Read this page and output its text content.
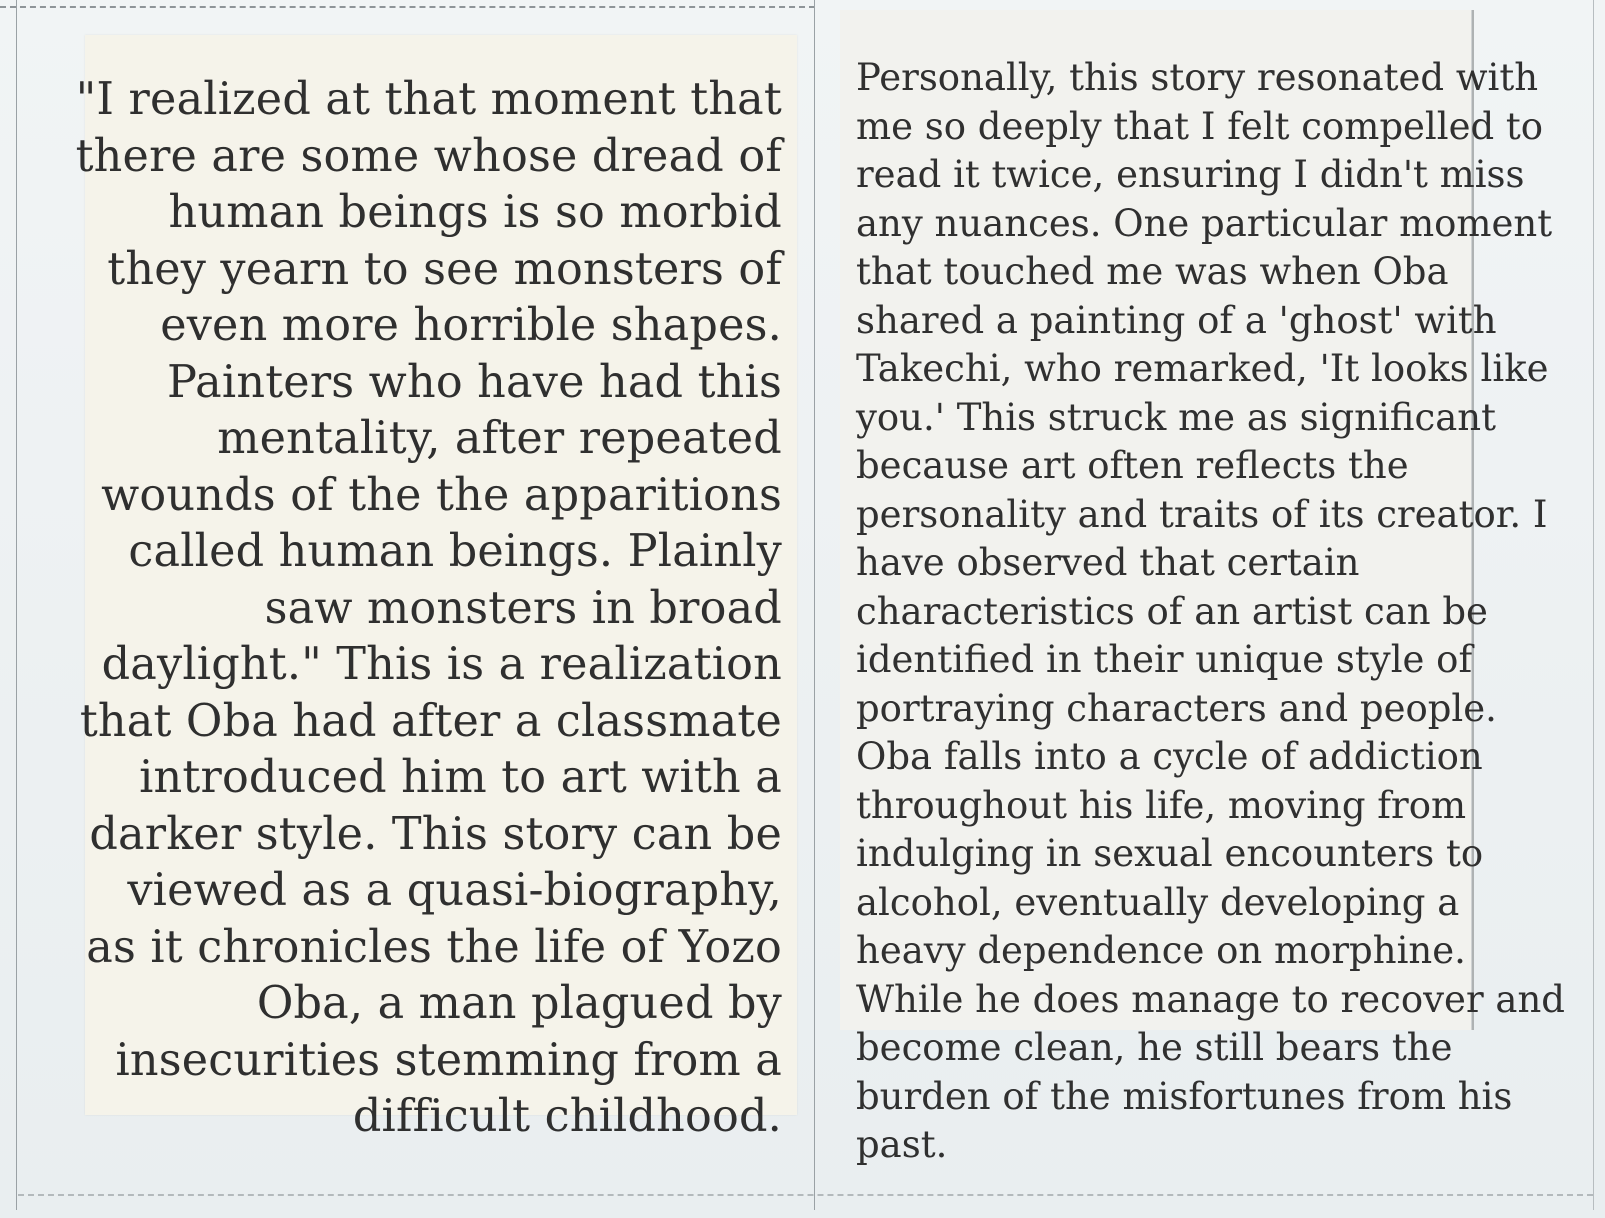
"I realized at that moment that
there are some whose dread of
human beings is so morbid
they yearn to see monsters of
even more horrible shapes.
Painters who have had this
mentality, after repeated
wounds of the the apparitions
called human beings. Plainly
saw monsters in broad
daylight." This is a realization
that Oba had after a classmate
introduced him to art with a
darker style. This story can be
viewed as a quasi-biography,
as it chronicles the life of Yozo
Oba, a man plagued by
insecurities stemming from a
difficult childhood.
Personally, this story resonated with
me so deeply that I felt compelled to
read it twice, ensuring I didn't miss
any nuances. One particular moment
that touched me was when Oba
shared a painting of a 'ghost' with
Takechi, who remarked, 'It looks like
you.' This struck me as significant
because art often reflects the
personality and traits of its creator. I
have observed that certain
characteristics of an artist can be
identified in their unique style of
portraying characters and people.
Oba falls into a cycle of addiction
throughout his life, moving from
indulging in sexual encounters to
alcohol, eventually developing a
heavy dependence on morphine.
While he does manage to recover and
become clean, he still bears the
burden of the misfortunes from his
past.
